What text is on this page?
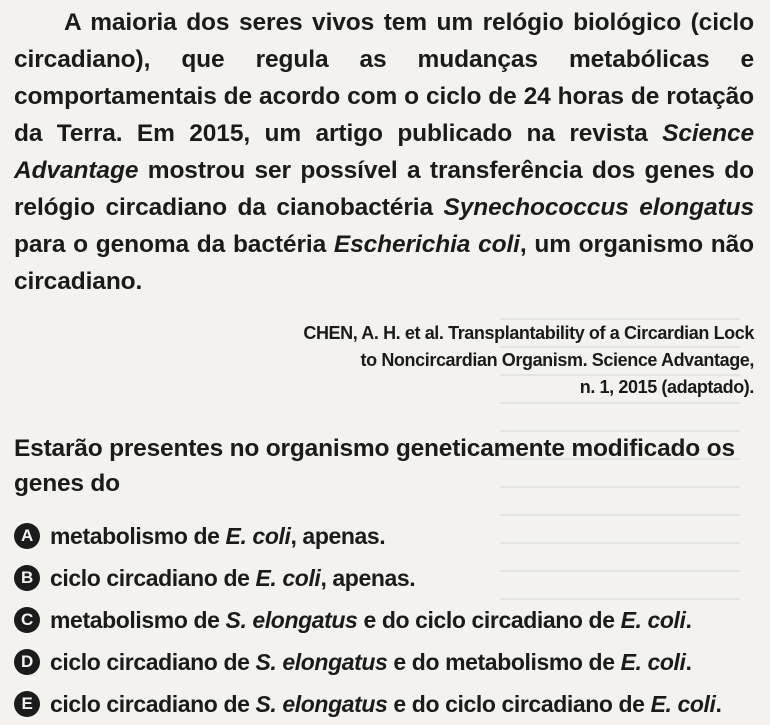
A maioria dos seres vivos tem um relógio biológico (ciclo circadiano), que regula as mudanças metabólicas e comportamentais de acordo com o ciclo de 24 horas de rotação da Terra. Em 2015, um artigo publicado na revista Science Advantage mostrou ser possível a transferência dos genes do relógio circadiano da cianobactéria Synechococcus elongatus para o genoma da bactéria Escherichia coli, um organismo não circadiano.

CHEN, A. H. et al. Transplantability of a Circardian Lock
to Noncircardian Organism. Science Advantage,
n. 1, 2015 (adaptado).
Estarão presentes no organismo geneticamente modificado os genes do
A metabolismo de E. coli, apenas.
B ciclo circadiano de E. coli, apenas.
C metabolismo de S. elongatus e do ciclo circadiano de E. coli.
D ciclo circadiano de S. elongatus e do metabolismo de E. coli.
E ciclo circadiano de S. elongatus e do ciclo circadiano de E. coli.
